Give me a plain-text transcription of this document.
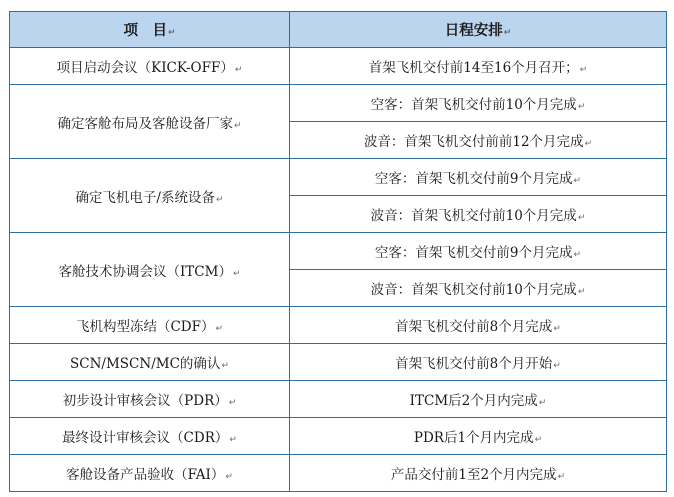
项　目↵	日程安排↵
项目启动会议（KICK-OFF）↵	首架飞机交付前14至16个月召开；↵
确定客舱布局及客舱设备厂家↵	空客：首架飞机交付前10个月完成↵
	波音：首架飞机交付前前12个月完成↵
确定飞机电子/系统设备↵	空客：首架飞机交付前9个月完成↵
	波音：首架飞机交付前10个月完成↵
客舱技术协调会议（ITCM）↵	空客：首架飞机交付前9个月完成↵
	波音：首架飞机交付前10个月完成↵
飞机构型冻结（CDF）↵	首架飞机交付前8个月完成↵
SCN/MSCN/MC的确认↵	首架飞机交付前8个月开始↵
初步设计审核会议（PDR）↵	ITCM后2个月内完成↵
最终设计审核会议（CDR）↵	PDR后1个月内完成↵
客舱设备产品验收（FAI）↵	产品交付前1至2个月内完成↵
